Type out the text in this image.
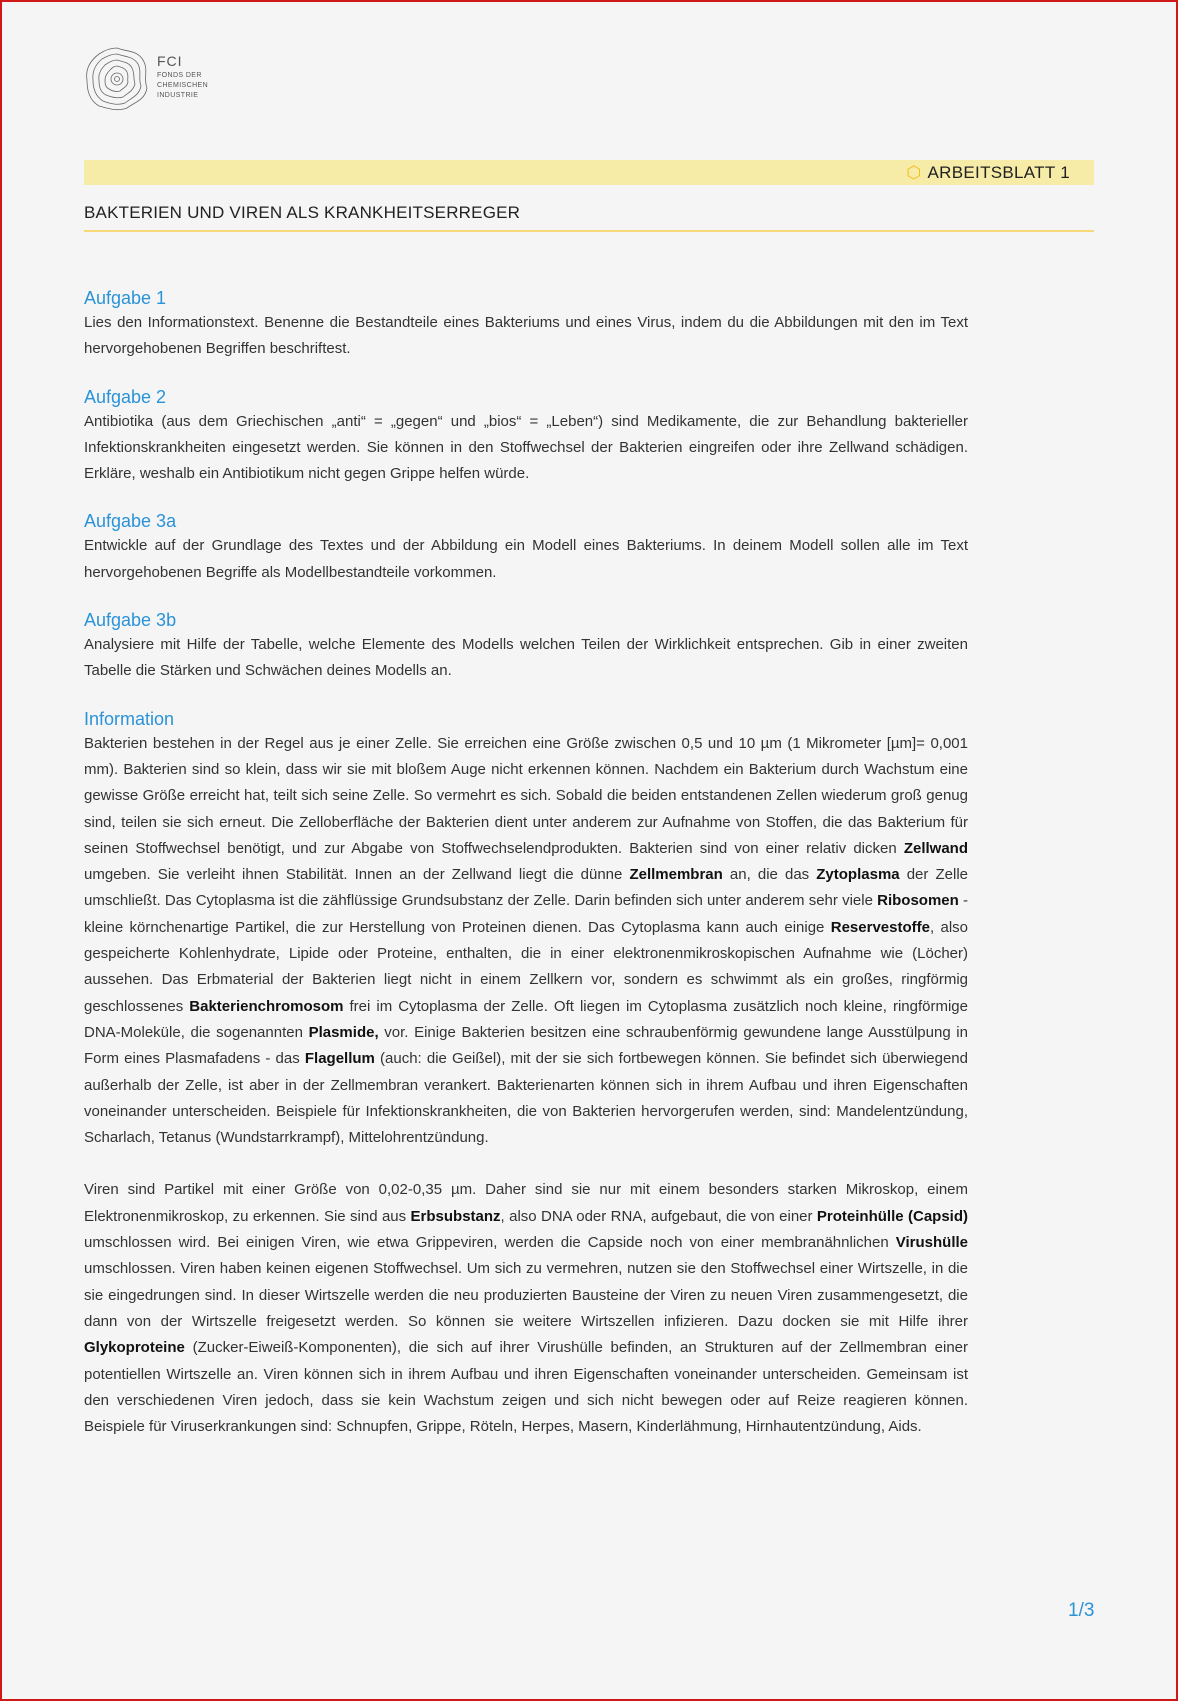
FCI
FONDS DER
CHEMISCHEN
INDUSTRIE
⬡ ARBEITSBLATT 1
BAKTERIEN UND VIREN ALS KRANKHEITSERREGER
Aufgabe 1

Lies den Informationstext. Benenne die Bestandteile eines Bakteriums und eines Virus, indem du die Abbildungen mit den im Text hervorgehobenen Begriffen beschriftest.

Aufgabe 2

Antibiotika (aus dem Griechischen „anti“ = „gegen“ und „bios“ = „Leben“) sind Medikamente, die zur Behandlung bakterieller Infektionskrankheiten eingesetzt werden. Sie können in den Stoffwechsel der Bakterien eingreifen oder ihre Zellwand schädigen. Erkläre, weshalb ein Antibiotikum nicht gegen Grippe helfen würde.

Aufgabe 3a

Entwickle auf der Grundlage des Textes und der Abbildung ein Modell eines Bakteriums. In deinem Modell sollen alle im Text hervorgehobenen Begriffe als Modellbestandteile vorkommen.

Aufgabe 3b

Analysiere mit Hilfe der Tabelle, welche Elemente des Modells welchen Teilen der Wirklichkeit entsprechen. Gib in einer zweiten Tabelle die Stärken und Schwächen deines Modells an.

Information

Bakterien bestehen in der Regel aus je einer Zelle. Sie erreichen eine Größe zwischen 0,5 und 10 µm (1 Mikrometer [µm]= 0,001 mm). Bakterien sind so klein, dass wir sie mit bloßem Auge nicht erkennen können. Nachdem ein Bakterium durch Wachstum eine gewisse Größe erreicht hat, teilt sich seine Zelle. So vermehrt es sich. Sobald die beiden entstandenen Zellen wiederum groß genug sind, teilen sie sich erneut. Die Zelloberfläche der Bakterien dient unter anderem zur Aufnahme von Stoffen, die das Bakterium für seinen Stoffwechsel benötigt, und zur Abgabe von Stoffwechselendprodukten. Bakterien sind von einer relativ dicken Zellwand umgeben. Sie verleiht ihnen Stabilität. Innen an der Zellwand liegt die dünne Zellmembran an, die das Zytoplasma der Zelle umschließt. Das Cytoplasma ist die zähflüssige Grundsubstanz der Zelle. Darin befinden sich unter anderem sehr viele Ribosomen - kleine körnchenartige Partikel, die zur Herstellung von Proteinen dienen. Das Cytoplasma kann auch einige Reservestoffe, also gespeicherte Kohlenhydrate, Lipide oder Proteine, enthalten, die in einer elektronenmikroskopischen Aufnahme wie (Löcher) aussehen. Das Erbmaterial der Bakterien liegt nicht in einem Zellkern vor, sondern es schwimmt als ein großes, ringförmig geschlossenes Bakterienchromosom frei im Cytoplasma der Zelle. Oft liegen im Cytoplasma zusätzlich noch kleine, ringförmige DNA-Moleküle, die sogenannten Plasmide, vor. Einige Bakterien besitzen eine schraubenförmig gewundene lange Ausstülpung in Form eines Plasmafadens - das Flagellum (auch: die Geißel), mit der sie sich fortbewegen können. Sie befindet sich überwiegend außerhalb der Zelle, ist aber in der Zellmembran verankert. Bakterienarten können sich in ihrem Aufbau und ihren Eigenschaften voneinander unterscheiden. Beispiele für Infektionskrankheiten, die von Bakterien hervorgerufen werden, sind: Mandelentzündung, Scharlach, Tetanus (Wundstarrkrampf), Mittelohrentzündung.

Viren sind Partikel mit einer Größe von 0,02-0,35 µm. Daher sind sie nur mit einem besonders starken Mikroskop, einem Elektronenmikroskop, zu erkennen. Sie sind aus Erbsubstanz, also DNA oder RNA, aufgebaut, die von einer Proteinhülle (Capsid) umschlossen wird. Bei einigen Viren, wie etwa Grippeviren, werden die Capside noch von einer membranähnlichen Virushülle umschlossen. Viren haben keinen eigenen Stoffwechsel. Um sich zu vermehren, nutzen sie den Stoffwechsel einer Wirtszelle, in die sie eingedrungen sind. In dieser Wirtszelle werden die neu produzierten Bausteine der Viren zu neuen Viren zusammengesetzt, die dann von der Wirtszelle freigesetzt werden. So können sie weitere Wirtszellen infizieren. Dazu docken sie mit Hilfe ihrer Glykoproteine (Zucker-Eiweiß-Komponenten), die sich auf ihrer Virushülle befinden, an Strukturen auf der Zellmembran einer potentiellen Wirtszelle an. Viren können sich in ihrem Aufbau und ihren Eigenschaften voneinander unterscheiden. Gemeinsam ist den verschiedenen Viren jedoch, dass sie kein Wachstum zeigen und sich nicht bewegen oder auf Reize reagieren können. Beispiele für Viruserkrankungen sind: Schnupfen, Grippe, Röteln, Herpes, Masern, Kinderlähmung, Hirnhautentzündung, Aids.

1/3
